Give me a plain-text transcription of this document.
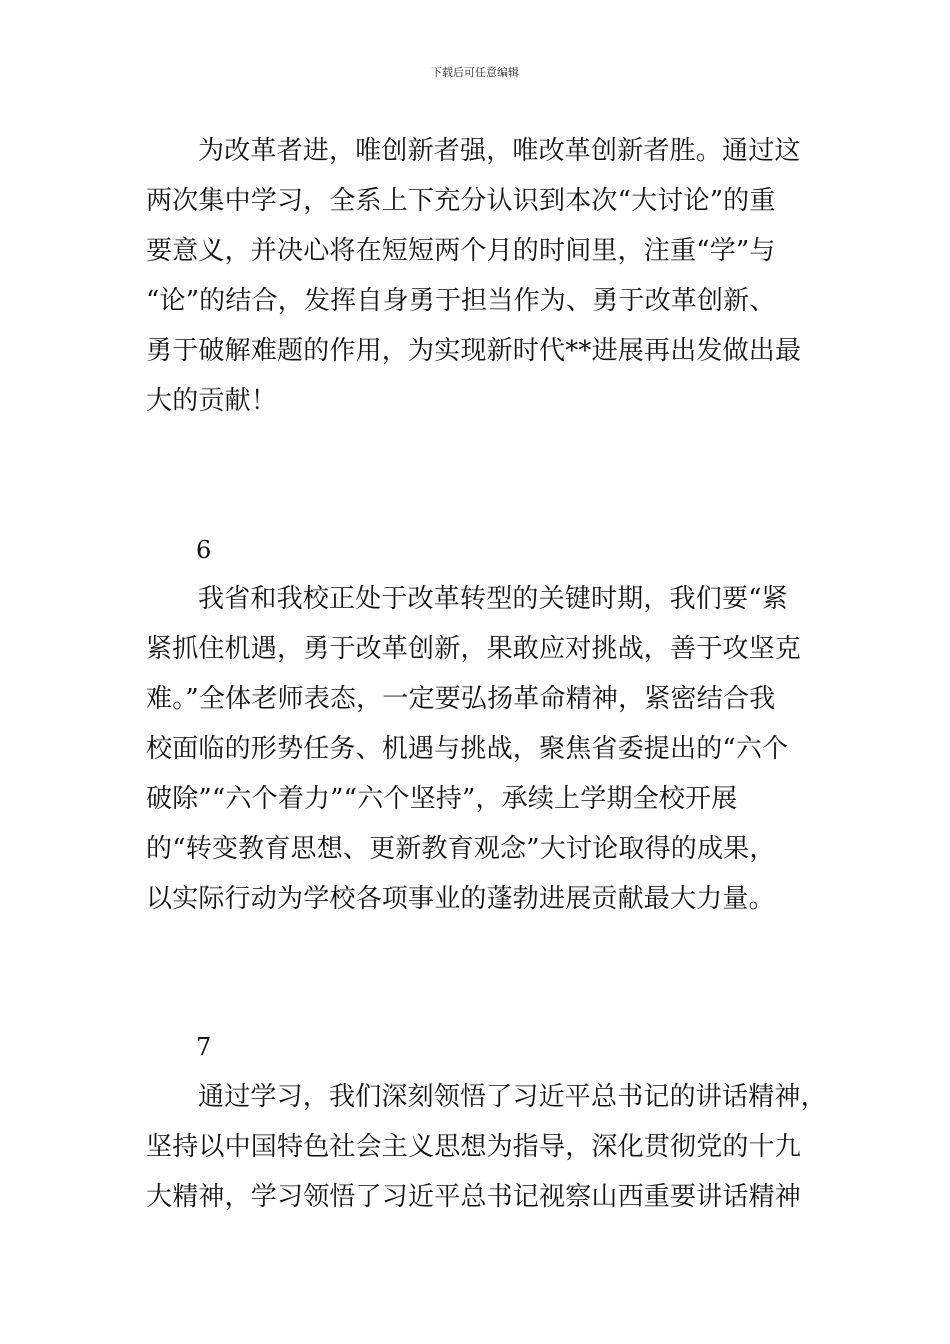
下载后可任意编辑
为改革者进，唯创新者强，唯改革创新者胜。通过这
两次集中学习，全系上下充分认识到本次“大讨论”的重
要意义，并决心将在短短两个月的时间里，注重“学”与
“论”的结合，发挥自身勇于担当作为、勇于改革创新、
勇于破解难题的作用，为实现新时代**进展再出发做出最
大的贡献！
6
我省和我校正处于改革转型的关键时期，我们要“紧
紧抓住机遇，勇于改革创新，果敢应对挑战，善于攻坚克
难。”全体老师表态，一定要弘扬革命精神，紧密结合我
校面临的形势任务、机遇与挑战，聚焦省委提出的“六个
破除”“六个着力”“六个坚持”，承续上学期全校开展
的“转变教育思想、更新教育观念”大讨论取得的成果，
以实际行动为学校各项事业的蓬勃进展贡献最大力量。
7
通过学习，我们深刻领悟了习近平总书记的讲话精神，
坚持以中国特色社会主义思想为指导，深化贯彻党的十九
大精神，学习领悟了习近平总书记视察山西重要讲话精神
